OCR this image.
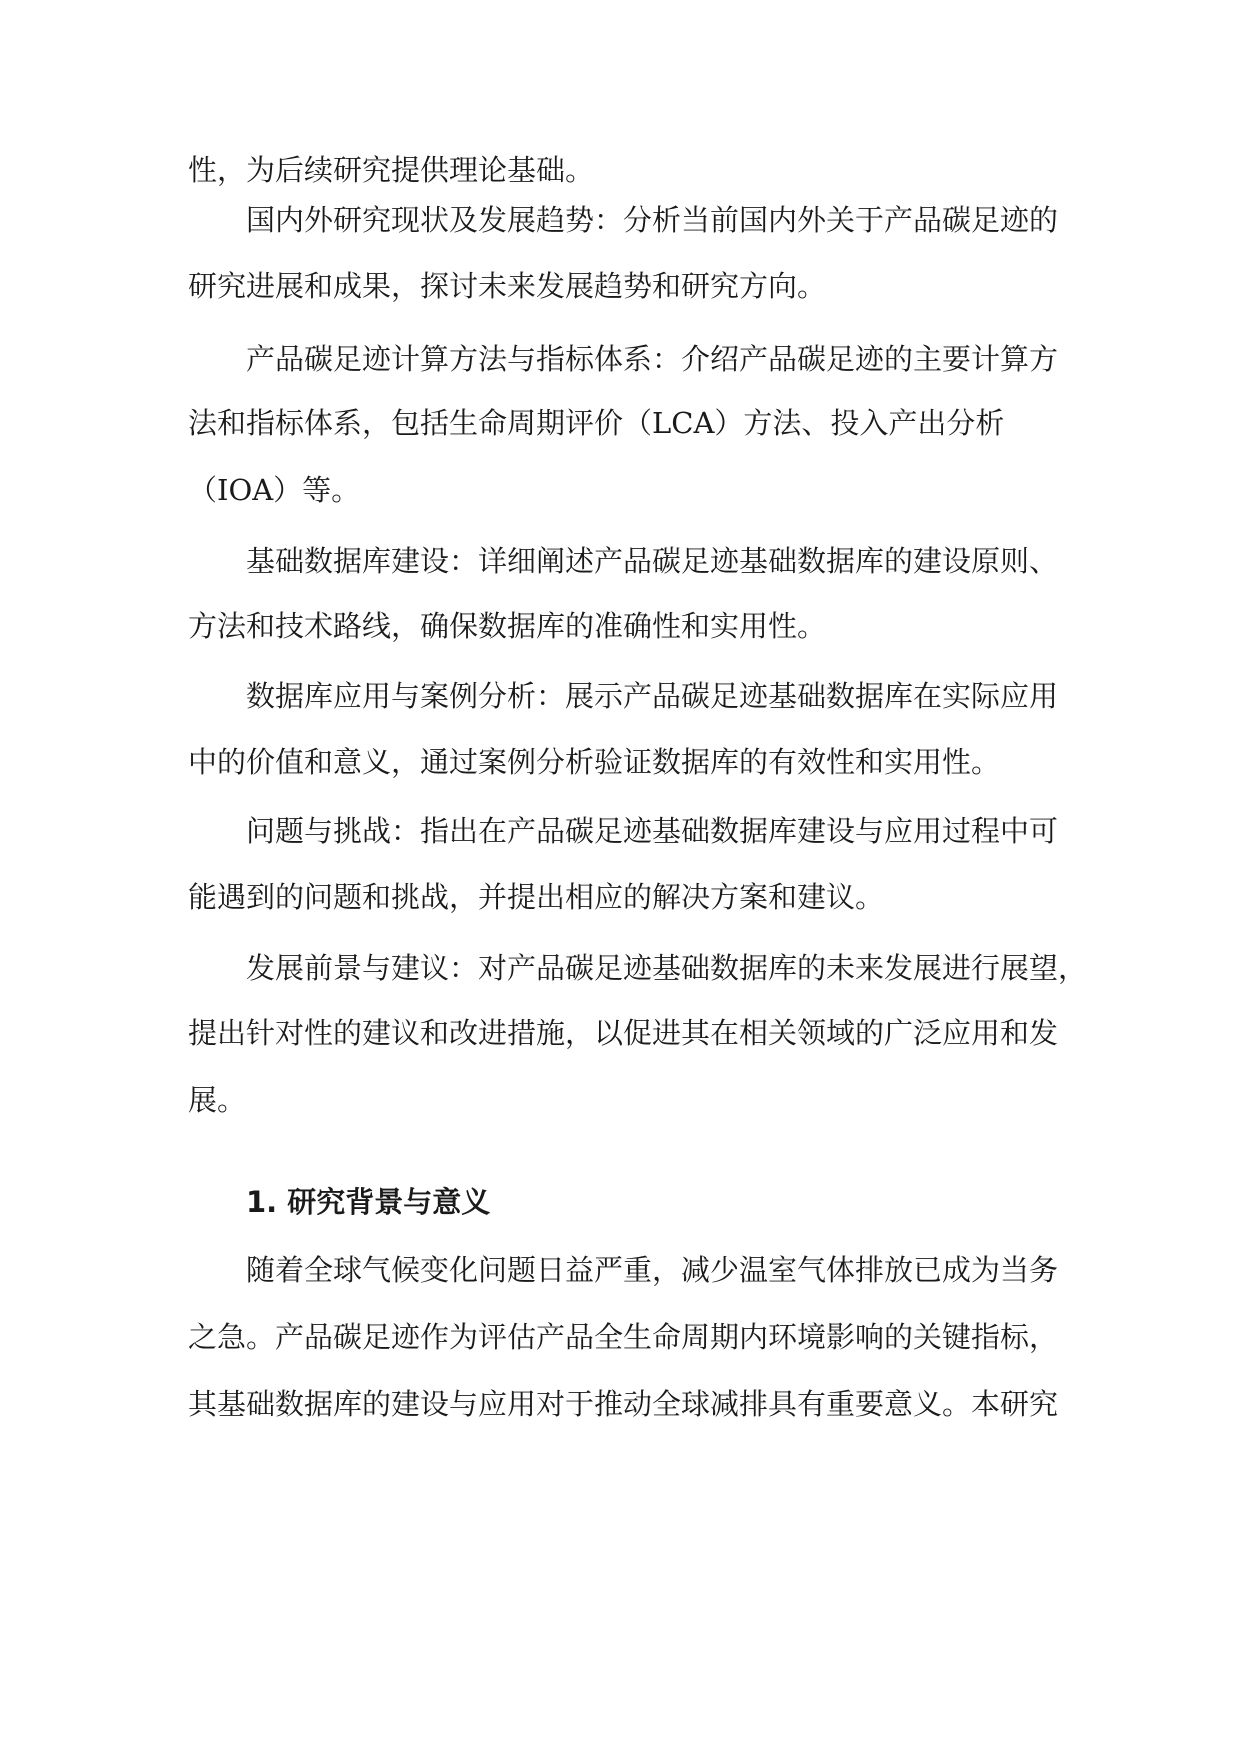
性，为后续研究提供理论基础。
国内外研究现状及发展趋势：分析当前国内外关于产品碳足迹的
研究进展和成果，探讨未来发展趋势和研究方向。
产品碳足迹计算方法与指标体系：介绍产品碳足迹的主要计算方
法和指标体系，包括生命周期评价（LCA）方法、投入产出分析
（IOA）等。
基础数据库建设：详细阐述产品碳足迹基础数据库的建设原则、
方法和技术路线，确保数据库的准确性和实用性。
数据库应用与案例分析：展示产品碳足迹基础数据库在实际应用
中的价值和意义，通过案例分析验证数据库的有效性和实用性。
问题与挑战：指出在产品碳足迹基础数据库建设与应用过程中可
能遇到的问题和挑战，并提出相应的解决方案和建议。
发展前景与建议：对产品碳足迹基础数据库的未来发展进行展望，
提出针对性的建议和改进措施，以促进其在相关领域的广泛应用和发
展。
1. 研究背景与意义
随着全球气候变化问题日益严重，减少温室气体排放已成为当务
之急。产品碳足迹作为评估产品全生命周期内环境影响的关键指标，
其基础数据库的建设与应用对于推动全球减排具有重要意义。本研究
